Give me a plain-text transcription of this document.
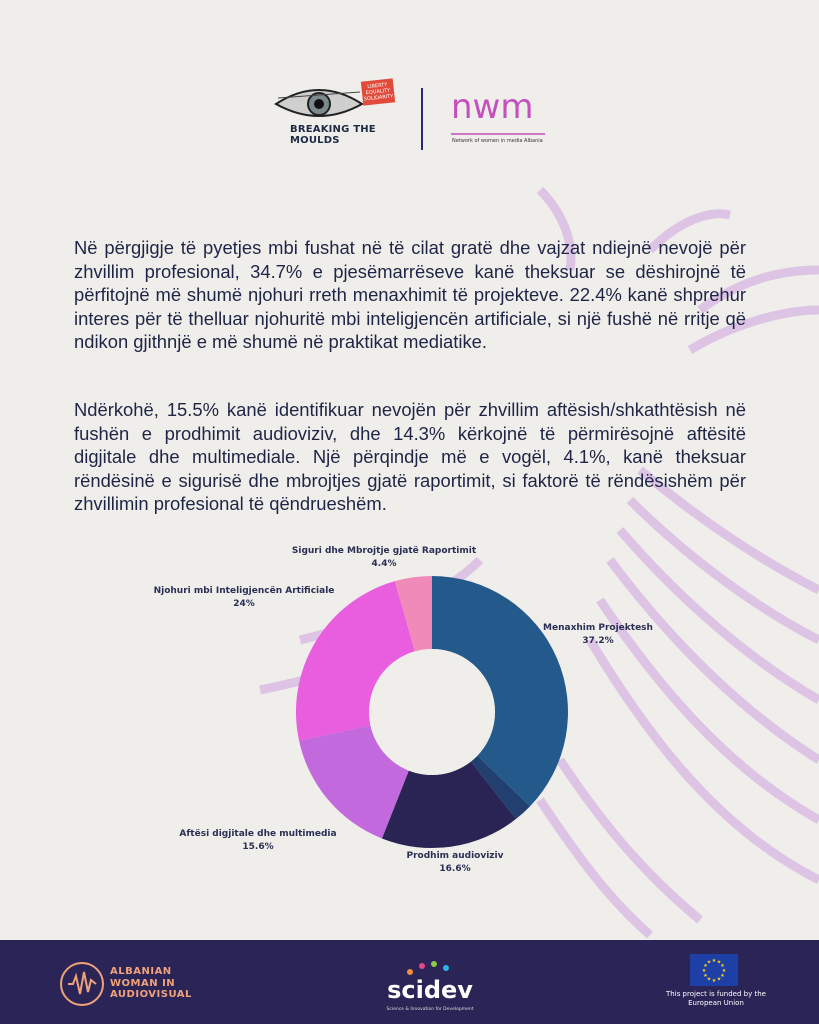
LIBERTY EQUALITY SOLIDARITY
BREAKING THE MOULDS
nwm
Network of women in media Albania

Në përgjigje të pyetjes mbi fushat në të cilat gratë dhe vajzat ndiejnë nevojë për zhvillim profesional, 34.7% e pjesëmarrëseve kanë theksuar se dëshirojnë të përfitojnë më shumë njohuri rreth menaxhimit të projekteve. 22.4% kanë shprehur interes për të thelluar njohuritë mbi inteligjencën artificiale, si një fushë në rritje që ndikon gjithnjë e më shumë në praktikat mediatike.

Ndërkohë, 15.5% kanë identifikuar nevojën për zhvillim aftësish/shkathtësish në fushën e prodhimit audioviziv, dhe 14.3% kërkojnë të përmirësojnë aftësitë digjitale dhe multimediale. Një përqindje më e vogël, 4.1%, kanë theksuar rëndësinë e sigurisë dhe mbrojtjes gjatë raportimit, si faktorë të rëndësishëm për zhvillimin profesional të qëndrueshëm.

Menaxhim Projektesh
37.2%
Prodhim audioviziv
16.6%
Aftësi digjitale dhe multimedia
15.6%
Njohuri mbi Inteligjencën Artificiale
24%
Siguri dhe Mbrojtje gjatë Raportimit
4.4%
ALBANIAN WOMAN IN AUDIOVISUAL	scidev
Science & Innovation for Development
★ ★
★
★
★
★
★
★
★
★
★
★
This project is funded by the European Union
